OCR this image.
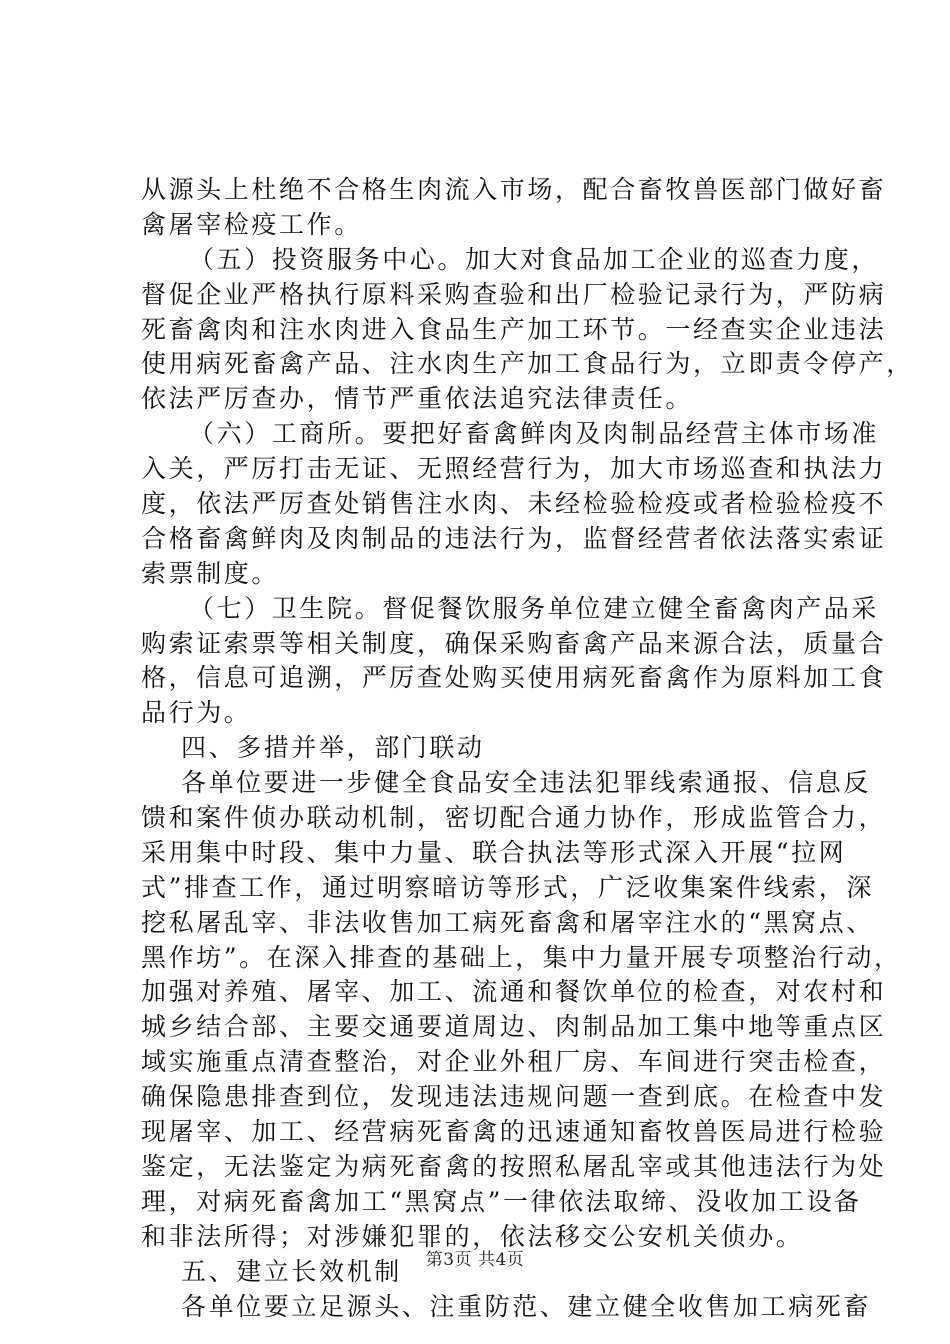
从源头上杜绝不合格生肉流入市场，配合畜牧兽医部门做好畜
禽屠宰检疫工作。
（五）投资服务中心。加大对食品加工企业的巡查力度，
督促企业严格执行原料采购查验和出厂检验记录行为，严防病
死畜禽肉和注水肉进入食品生产加工环节。一经查实企业违法
使用病死畜禽产品、注水肉生产加工食品行为，立即责令停产，
依法严厉查办，情节严重依法追究法律责任。
（六）工商所。要把好畜禽鲜肉及肉制品经营主体市场准
入关，严厉打击无证、无照经营行为，加大市场巡查和执法力
度，依法严厉查处销售注水肉、未经检验检疫或者检验检疫不
合格畜禽鲜肉及肉制品的违法行为，监督经营者依法落实索证
索票制度。
（七）卫生院。督促餐饮服务单位建立健全畜禽肉产品采
购索证索票等相关制度，确保采购畜禽产品来源合法，质量合
格，信息可追溯，严厉查处购买使用病死畜禽作为原料加工食
品行为。
四、多措并举，部门联动
各单位要进一步健全食品安全违法犯罪线索通报、信息反
馈和案件侦办联动机制，密切配合通力协作，形成监管合力，
采用集中时段、集中力量、联合执法等形式深入开展“拉网
式”排查工作，通过明察暗访等形式，广泛收集案件线索，深
挖私屠乱宰、非法收售加工病死畜禽和屠宰注水的“黑窝点、
黑作坊”。在深入排查的基础上，集中力量开展专项整治行动，
加强对养殖、屠宰、加工、流通和餐饮单位的检查，对农村和
城乡结合部、主要交通要道周边、肉制品加工集中地等重点区
域实施重点清查整治，对企业外租厂房、车间进行突击检查，
确保隐患排查到位，发现违法违规问题一查到底。在检查中发
现屠宰、加工、经营病死畜禽的迅速通知畜牧兽医局进行检验
鉴定，无法鉴定为病死畜禽的按照私屠乱宰或其他违法行为处
理，对病死畜禽加工“黑窝点”一律依法取缔、没收加工设备
和非法所得；对涉嫌犯罪的，依法移交公安机关侦办。
五、建立长效机制
各单位要立足源头、注重防范、建立健全收售加工病死畜
第3页 共4页
